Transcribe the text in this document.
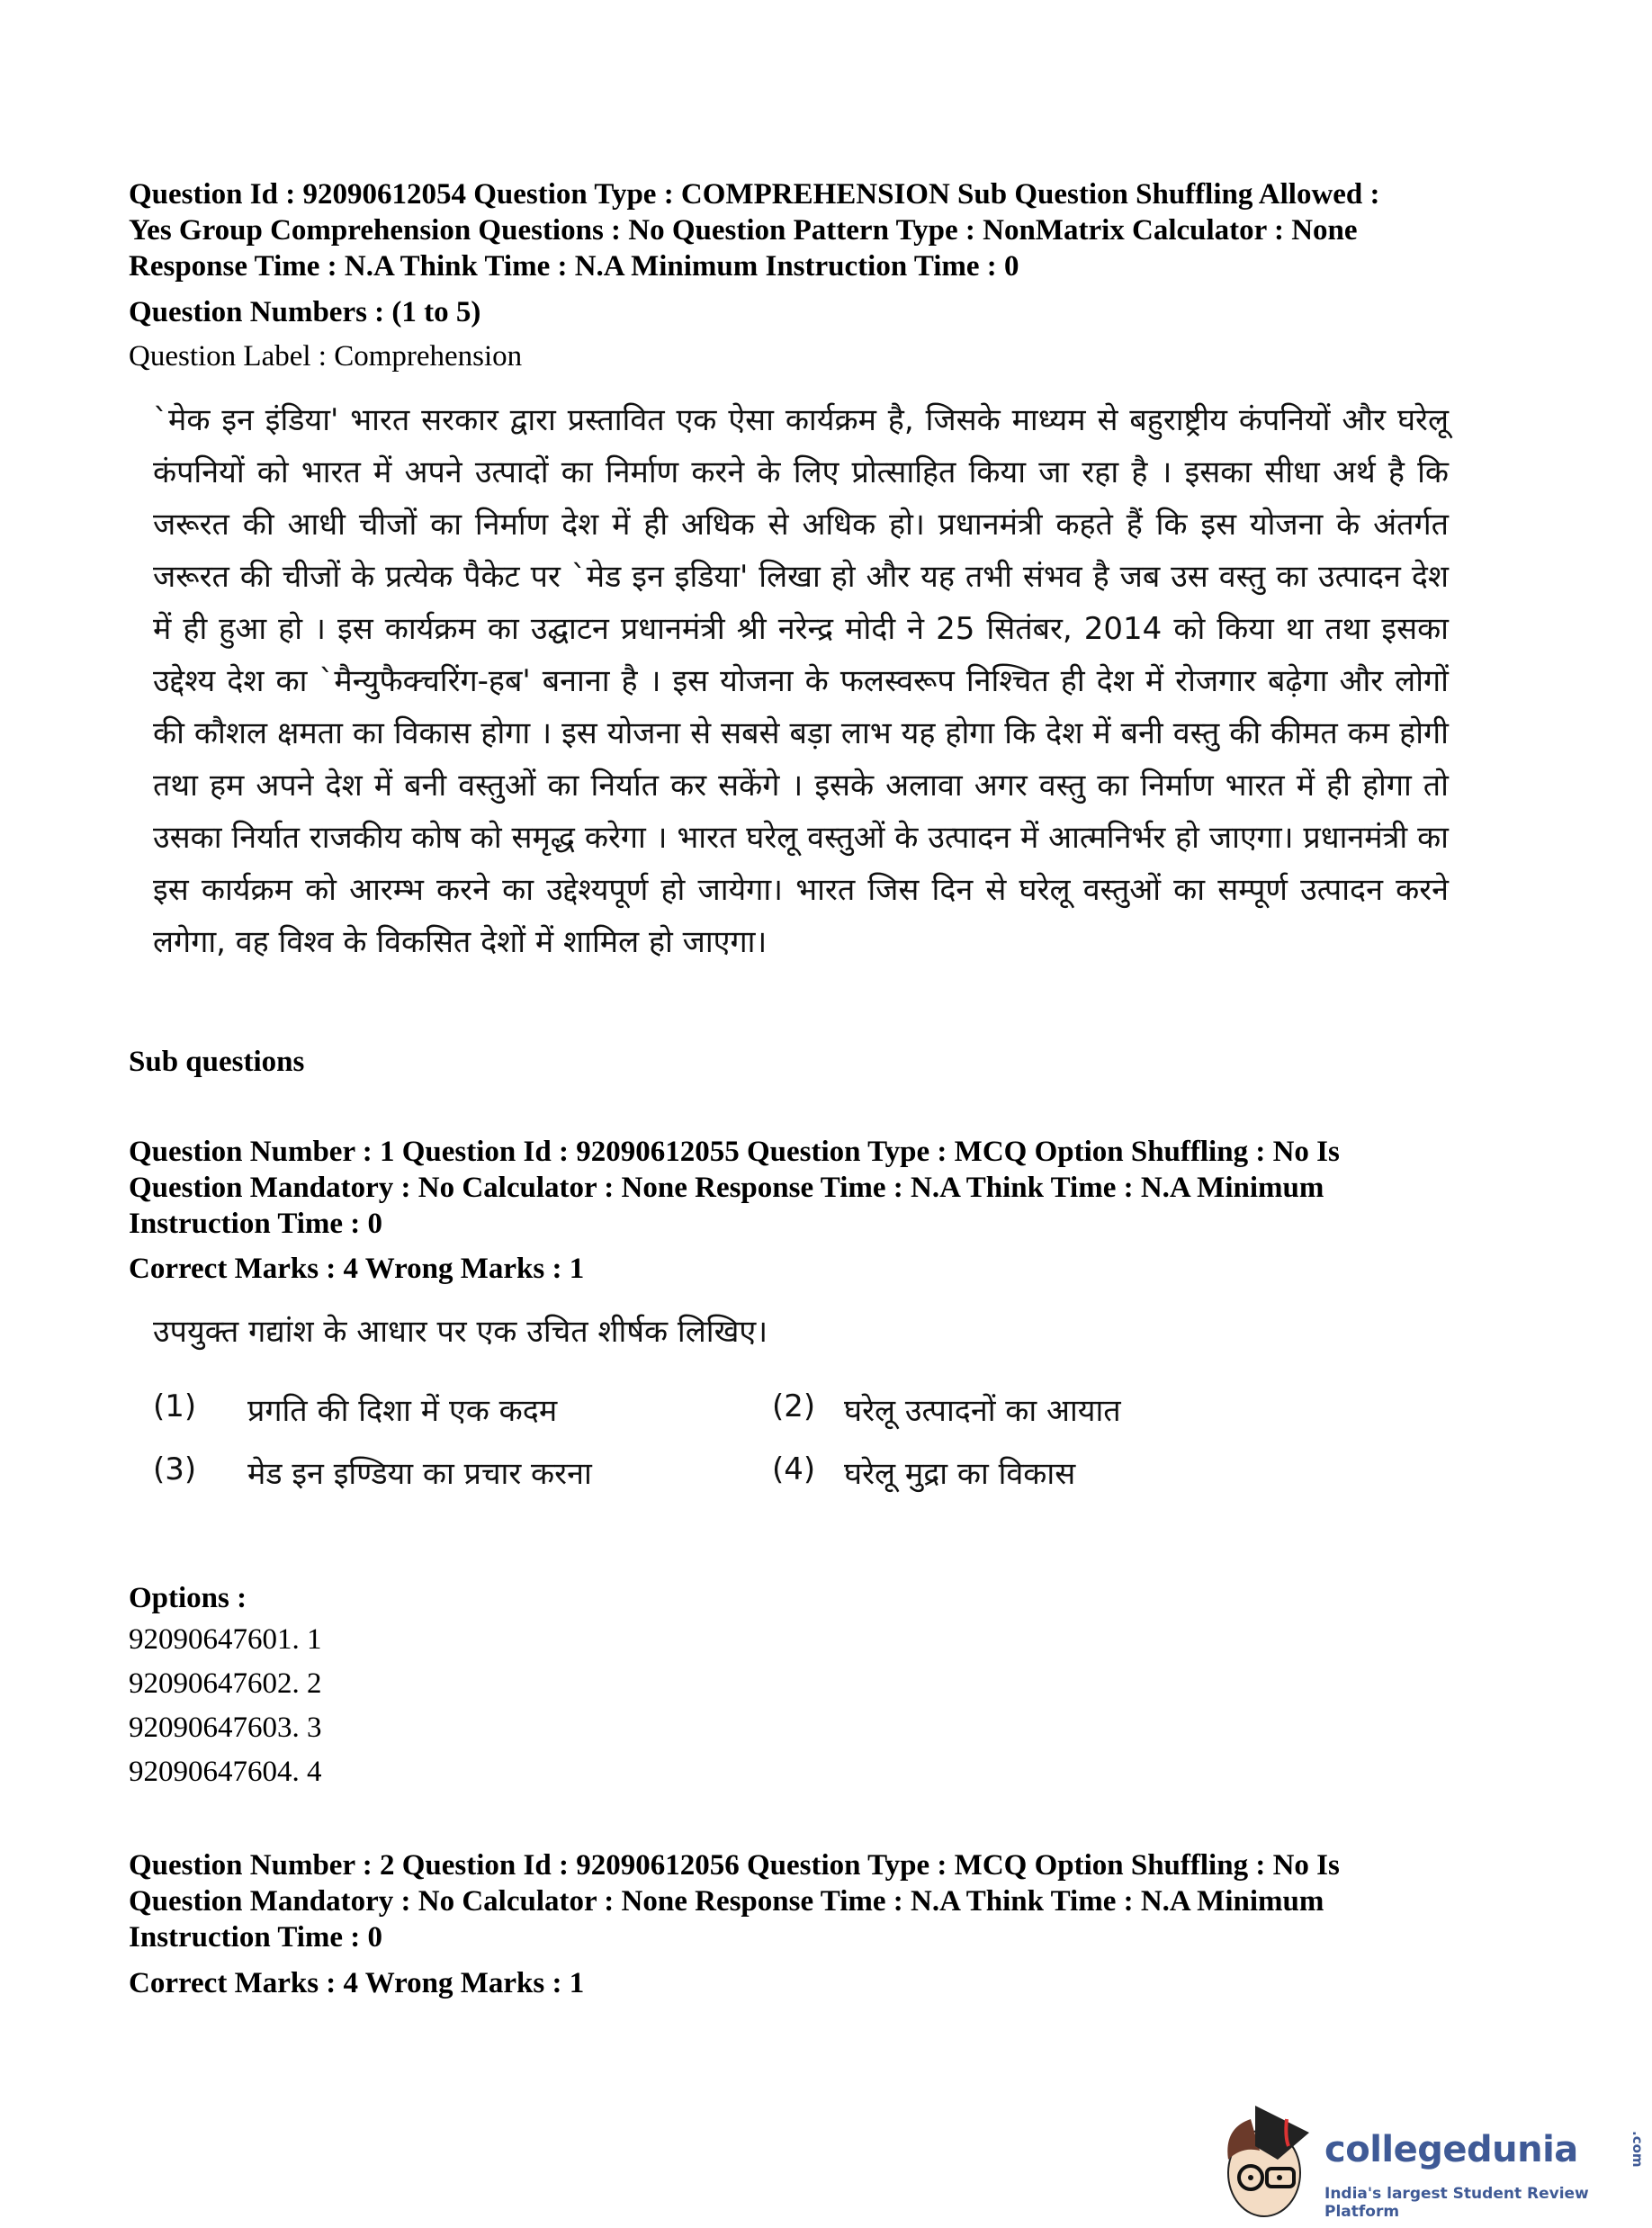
Question Id : 92090612054 Question Type : COMPREHENSION Sub Question Shuffling Allowed :
Yes Group Comprehension Questions : No Question Pattern Type : NonMatrix Calculator : None
Response Time : N.A Think Time : N.A Minimum Instruction Time : 0
Question Numbers : (1 to 5)
Question Label : Comprehension
`मेक इन इंडिया' भारत सरकार द्वारा प्रस्तावित एक ऐसा कार्यक्रम है, जिसके माध्यम से बहुराष्ट्रीय कंपनियों और घरेलू कंपनियों को भारत में अपने उत्पादों का निर्माण करने के लिए प्रोत्साहित किया जा रहा है । इसका सीधा अर्थ है कि जरूरत की आधी चीजों का निर्माण देश में ही अधिक से अधिक हो। प्रधानमंत्री कहते हैं कि इस योजना के अंतर्गत जरूरत की चीजों के प्रत्येक पैकेट पर `मेड इन इडिया' लिखा हो और यह तभी संभव है जब उस वस्तु का उत्पादन देश में ही हुआ हो । इस कार्यक्रम का उद्घाटन प्रधानमंत्री श्री नरेन्द्र मोदी ने 25 सितंबर, 2014 को किया था तथा इसका उद्देश्य देश का `मैन्युफैक्चरिंग-हब' बनाना है । इस योजना के फलस्वरूप निश्चित ही देश में रोजगार बढ़ेगा और लोगों की कौशल क्षमता का विकास होगा । इस योजना से सबसे बड़ा लाभ यह होगा कि देश में बनी वस्तु की कीमत कम होगी तथा हम अपने देश में बनी वस्तुओं का निर्यात कर सकेंगे । इसके अलावा अगर वस्तु का निर्माण भारत में ही होगा तो उसका निर्यात राजकीय कोष को समृद्ध करेगा । भारत घरेलू वस्तुओं के उत्पादन में आत्मनिर्भर हो जाएगा। प्रधानमंत्री का इस कार्यक्रम को आरम्भ करने का उद्देश्यपूर्ण हो जायेगा। भारत जिस दिन से घरेलू वस्तुओं का सम्पूर्ण उत्पादन करने लगेगा, वह विश्व के विकसित देशों में शामिल हो जाएगा।
Sub questions
Question Number : 1 Question Id : 92090612055 Question Type : MCQ Option Shuffling : No Is
Question Mandatory : No Calculator : None Response Time : N.A Think Time : N.A Minimum
Instruction Time : 0
Correct Marks : 4 Wrong Marks : 1
उपयुक्त गद्यांश के आधार पर एक उचित शीर्षक लिखिए।
(1) प्रगति की दिशा में एक कदम	(2) घरेलू उत्पादनों का आयात
(3) मेड इन इण्डिया का प्रचार करना	(4) घरेलू मुद्रा का विकास
Options :
92090647601. 1
92090647602. 2
92090647603. 3
92090647604. 4
Question Number : 2 Question Id : 92090612056 Question Type : MCQ Option Shuffling : No Is
Question Mandatory : No Calculator : None Response Time : N.A Think Time : N.A Minimum
Instruction Time : 0
Correct Marks : 4 Wrong Marks : 1
collegedunia	.com
India's largest Student Review Platform
